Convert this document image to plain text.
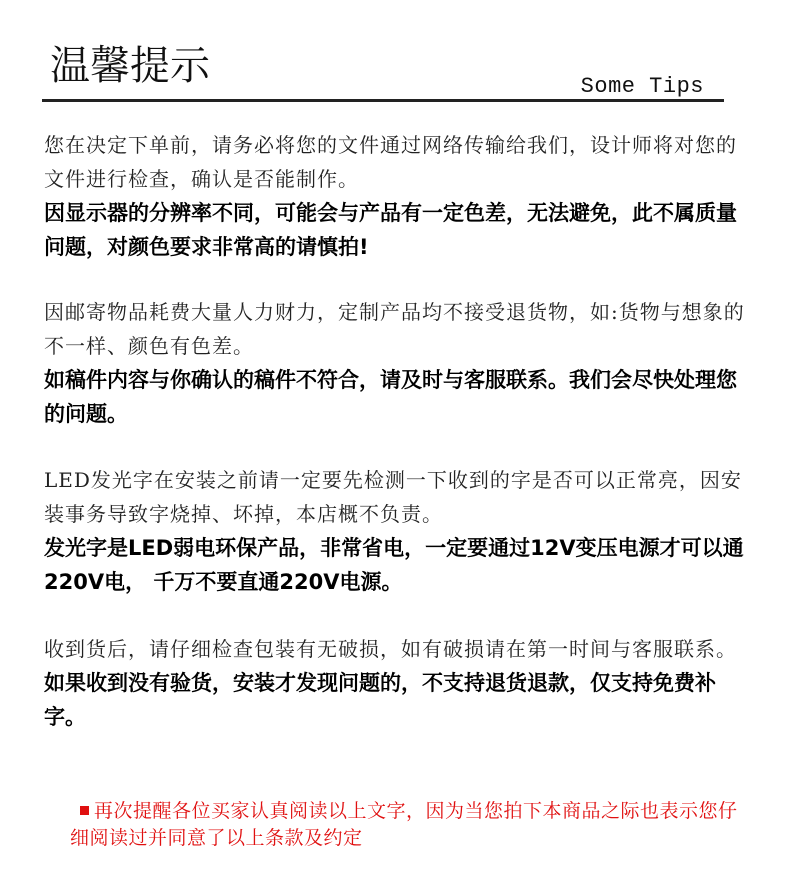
温馨提示	Some Tips

您在决定下单前，请务必将您的文件通过网络传输给我们，设计师将对您的文件进行检查，确认是否能制作。

因显示器的分辨率不同，可能会与产品有一定色差，无法避免，此不属质量问题，对颜色要求非常高的请慎拍!

因邮寄物品耗费大量人力财力，定制产品均不接受退货物，如:货物与想象的不一样、颜色有色差。

如稿件内容与你确认的稿件不符合，请及时与客服联系。我们会尽快处理您的问题。

LED发光字在安装之前请一定要先检测一下收到的字是否可以正常亮，因安装事务导致字烧掉、坏掉，本店概不负责。

发光字是LED弱电环保产品，非常省电，一定要通过12V变压电源才可以通220V电， 千万不要直通220V电源。

收到货后，请仔细检查包装有无破损，如有破损请在第一时间与客服联系。

如果收到没有验货，安装才发现问题的，不支持退货退款，仅支持免费补字。

再次提醒各位买家认真阅读以上文字，因为当您拍下本商品之际也表示您仔细阅读过并同意了以上条款及约定
